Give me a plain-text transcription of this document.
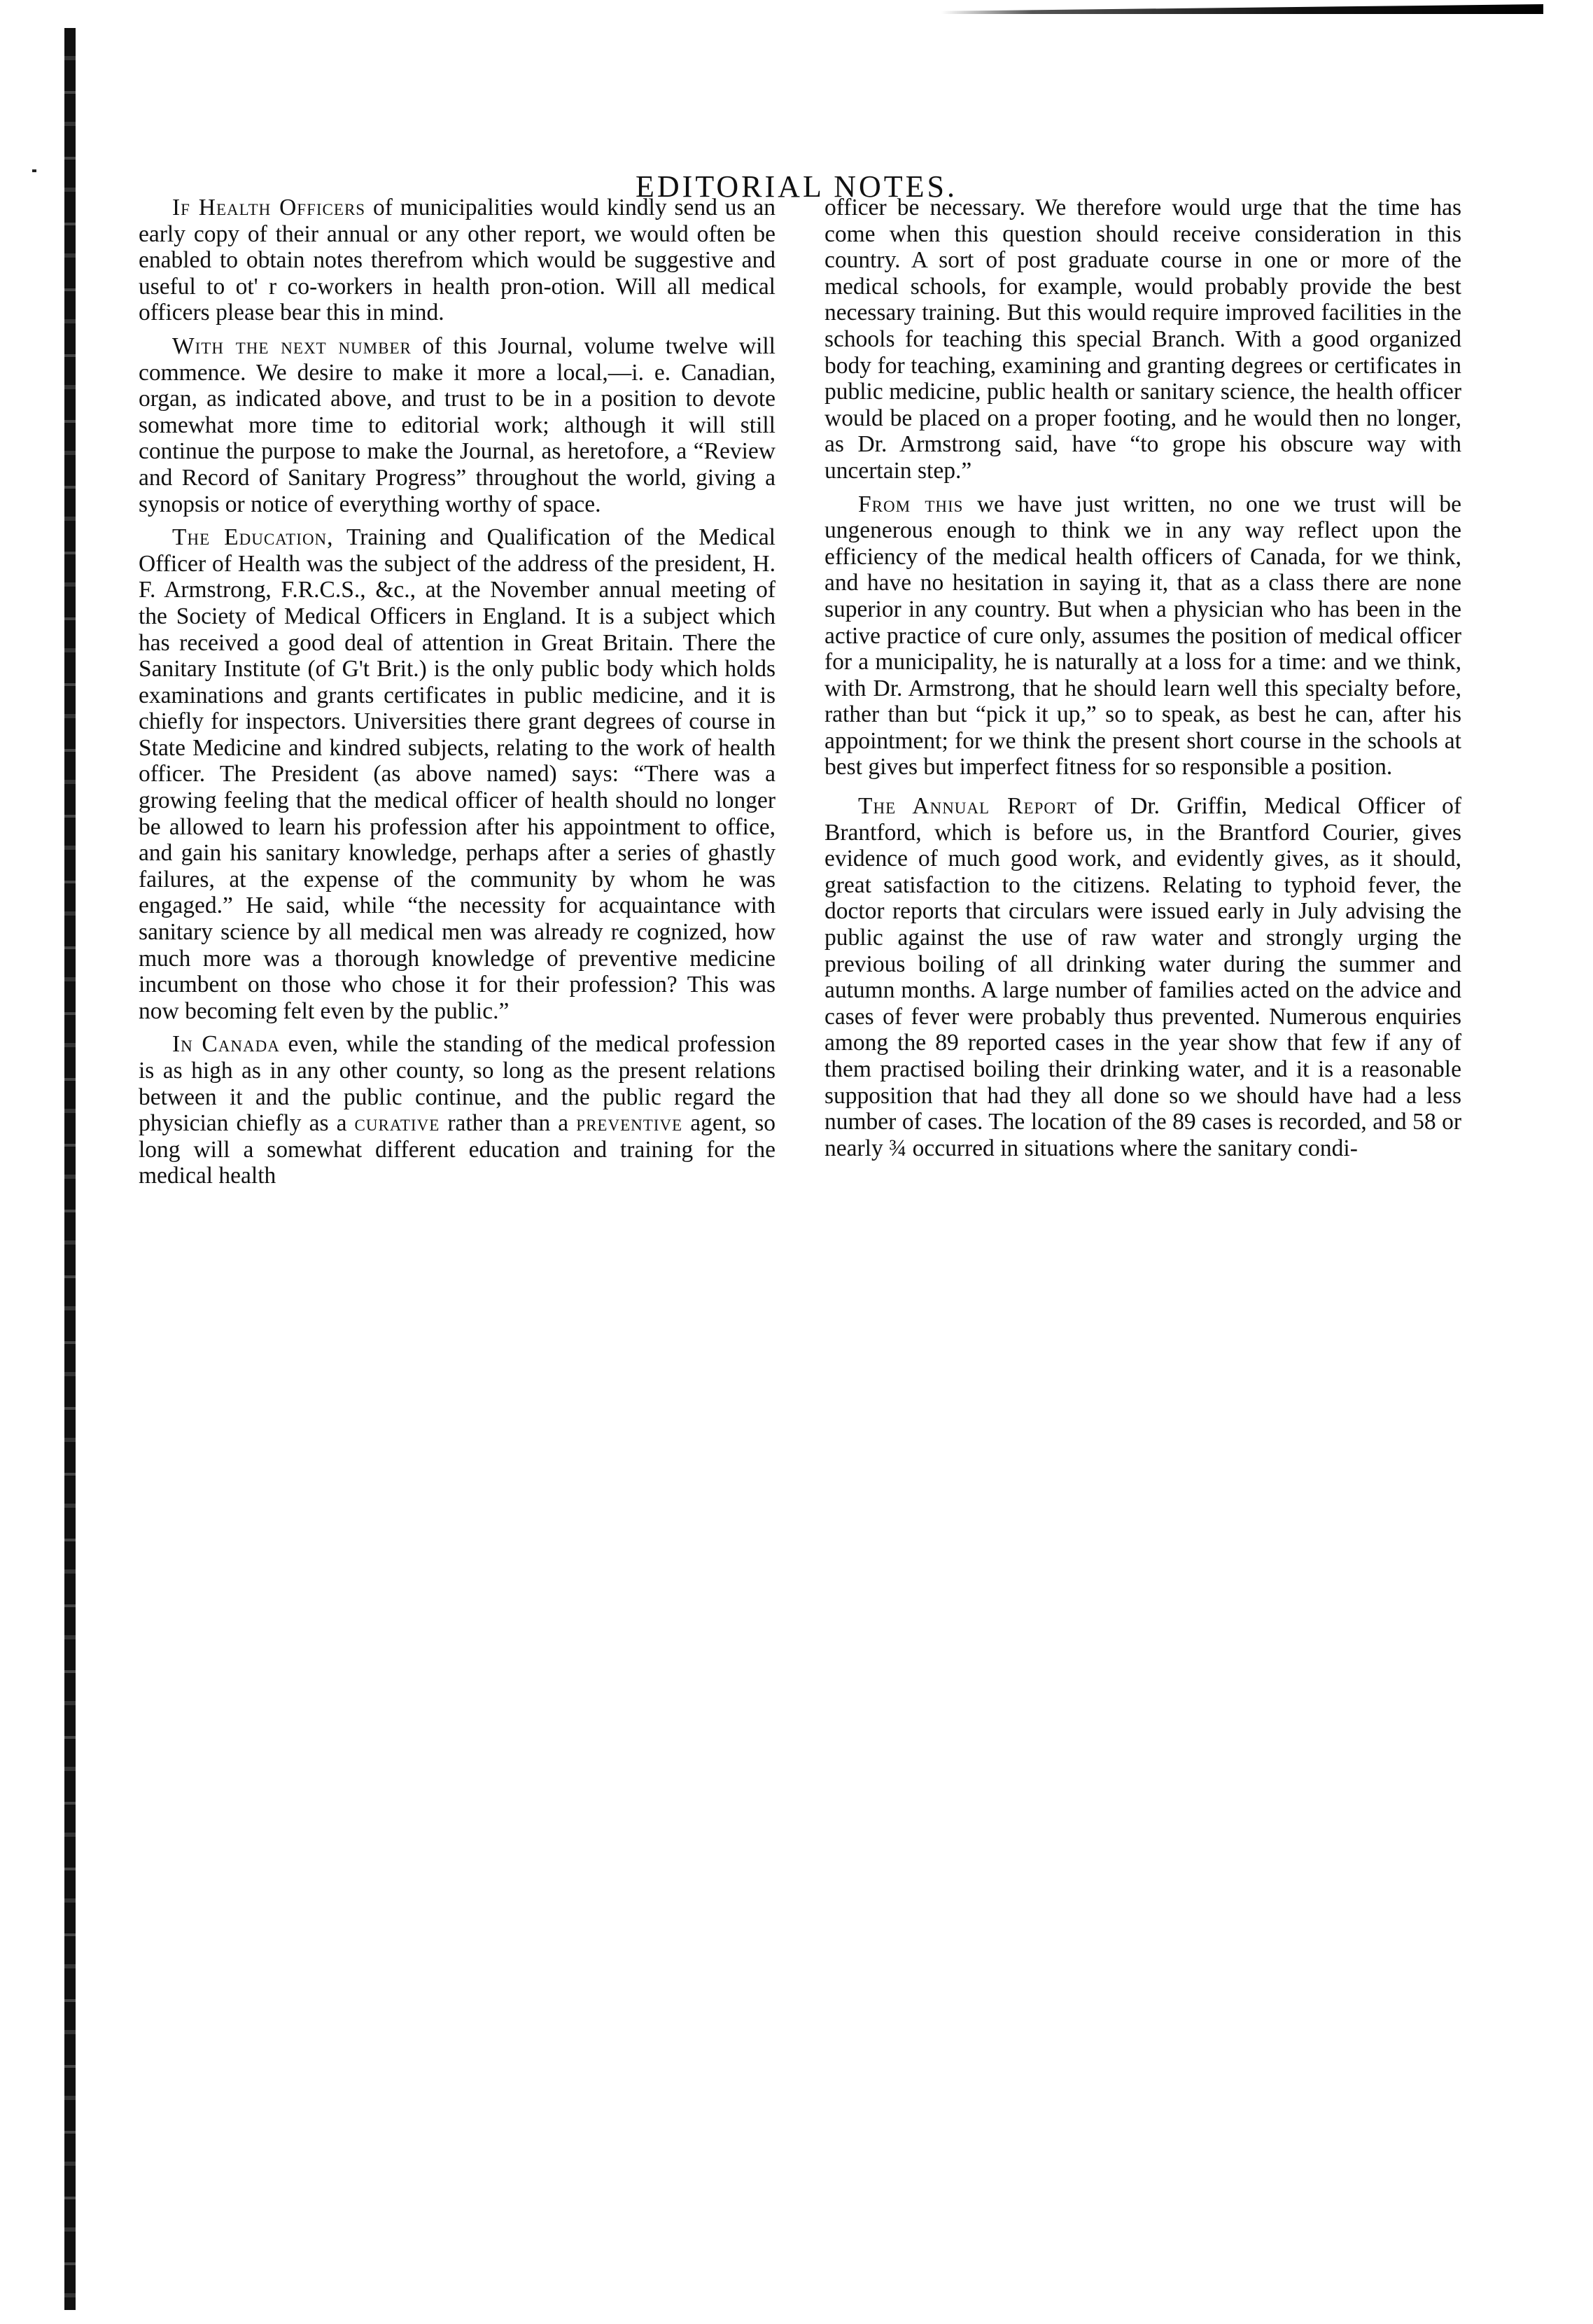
EDITORIAL NOTES.

If Health Officers of municipalities would kindly send us an early copy of their annual or any other report, we would often be enabled to obtain notes therefrom which would be suggestive and useful to ot' r co-workers in health pron-otion. Will all medical officers please bear this in mind.

With the next number of this Journal, volume twelve will commence. We desire to make it more a local,—i. e. Canadian, organ, as indicated above, and trust to be in a position to devote somewhat more time to editorial work; although it will still continue the purpose to make the Journal, as heretofore, a “Review and Record of Sanitary Progress” throughout the world, giving a synopsis or notice of everything worthy of space.

The Education, Training and Qualification of the Medical Officer of Health was the subject of the address of the president, H. F. Armstrong, F.R.C.S., &c., at the November annual meeting of the Society of Medical Officers in England. It is a subject which has received a good deal of attention in Great Britain. There the Sanitary Institute (of G't Brit.) is the only public body which holds examinations and grants certificates in public medicine, and it is chiefly for inspectors. Universities there grant degrees of course in State Medicine and kindred subjects, relating to the work of health officer. The President (as above named) says: “There was a growing feeling that the medical officer of health should no longer be allowed to learn his profession after his appointment to office, and gain his sanitary knowledge, perhaps after a series of ghastly failures, at the expense of the community by whom he was engaged.” He said, while “the necessity for acquaintance with sanitary science by all medical men was already re cognized, how much more was a thorough knowledge of preventive medicine incumbent on those who chose it for their profession? This was now becoming felt even by the public.”

In Canada even, while the standing of the medical profession is as high as in any other county, so long as the present relations between it and the public continue, and the public regard the physician chiefly as a curative rather than a preventive agent, so long will a somewhat different education and training for the medical health

officer be necessary. We therefore would urge that the time has come when this question should receive consideration in this country. A sort of post graduate course in one or more of the medical schools, for example, would probably provide the best necessary training. But this would require improved facilities in the schools for teaching this special Branch. With a good organized body for teaching, examining and granting degrees or certificates in public medicine, public health or sanitary science, the health officer would be placed on a proper footing, and he would then no longer, as Dr. Armstrong said, have “to grope his obscure way with uncertain step.”

From this we have just written, no one we trust will be ungenerous enough to think we in any way reflect upon the efficiency of the medical health officers of Canada, for we think, and have no hesitation in saying it, that as a class there are none superior in any country. But when a physician who has been in the active practice of cure only, assumes the position of medical officer for a municipality, he is naturally at a loss for a time: and we think, with Dr. Armstrong, that he should learn well this specialty before, rather than but “pick it up,” so to speak, as best he can, after his appointment; for we think the present short course in the schools at best gives but imperfect fitness for so responsible a position.

The Annual Report of Dr. Griffin, Medical Officer of Brantford, which is before us, in the Brantford Courier, gives evidence of much good work, and evidently gives, as it should, great satisfaction to the citizens. Relating to typhoid fever, the doctor reports that circulars were issued early in July advising the public against the use of raw water and strongly urging the previous boiling of all drinking water during the summer and autumn months. A large number of families acted on the advice and cases of fever were probably thus prevented. Numerous enquiries among the 89 reported cases in the year show that few if any of them practised boiling their drinking water, and it is a reasonable supposition that had they all done so we should have had a less number of cases. The location of the 89 cases is recorded, and 58 or nearly ¾ occurred in situations where the sanitary condi-
